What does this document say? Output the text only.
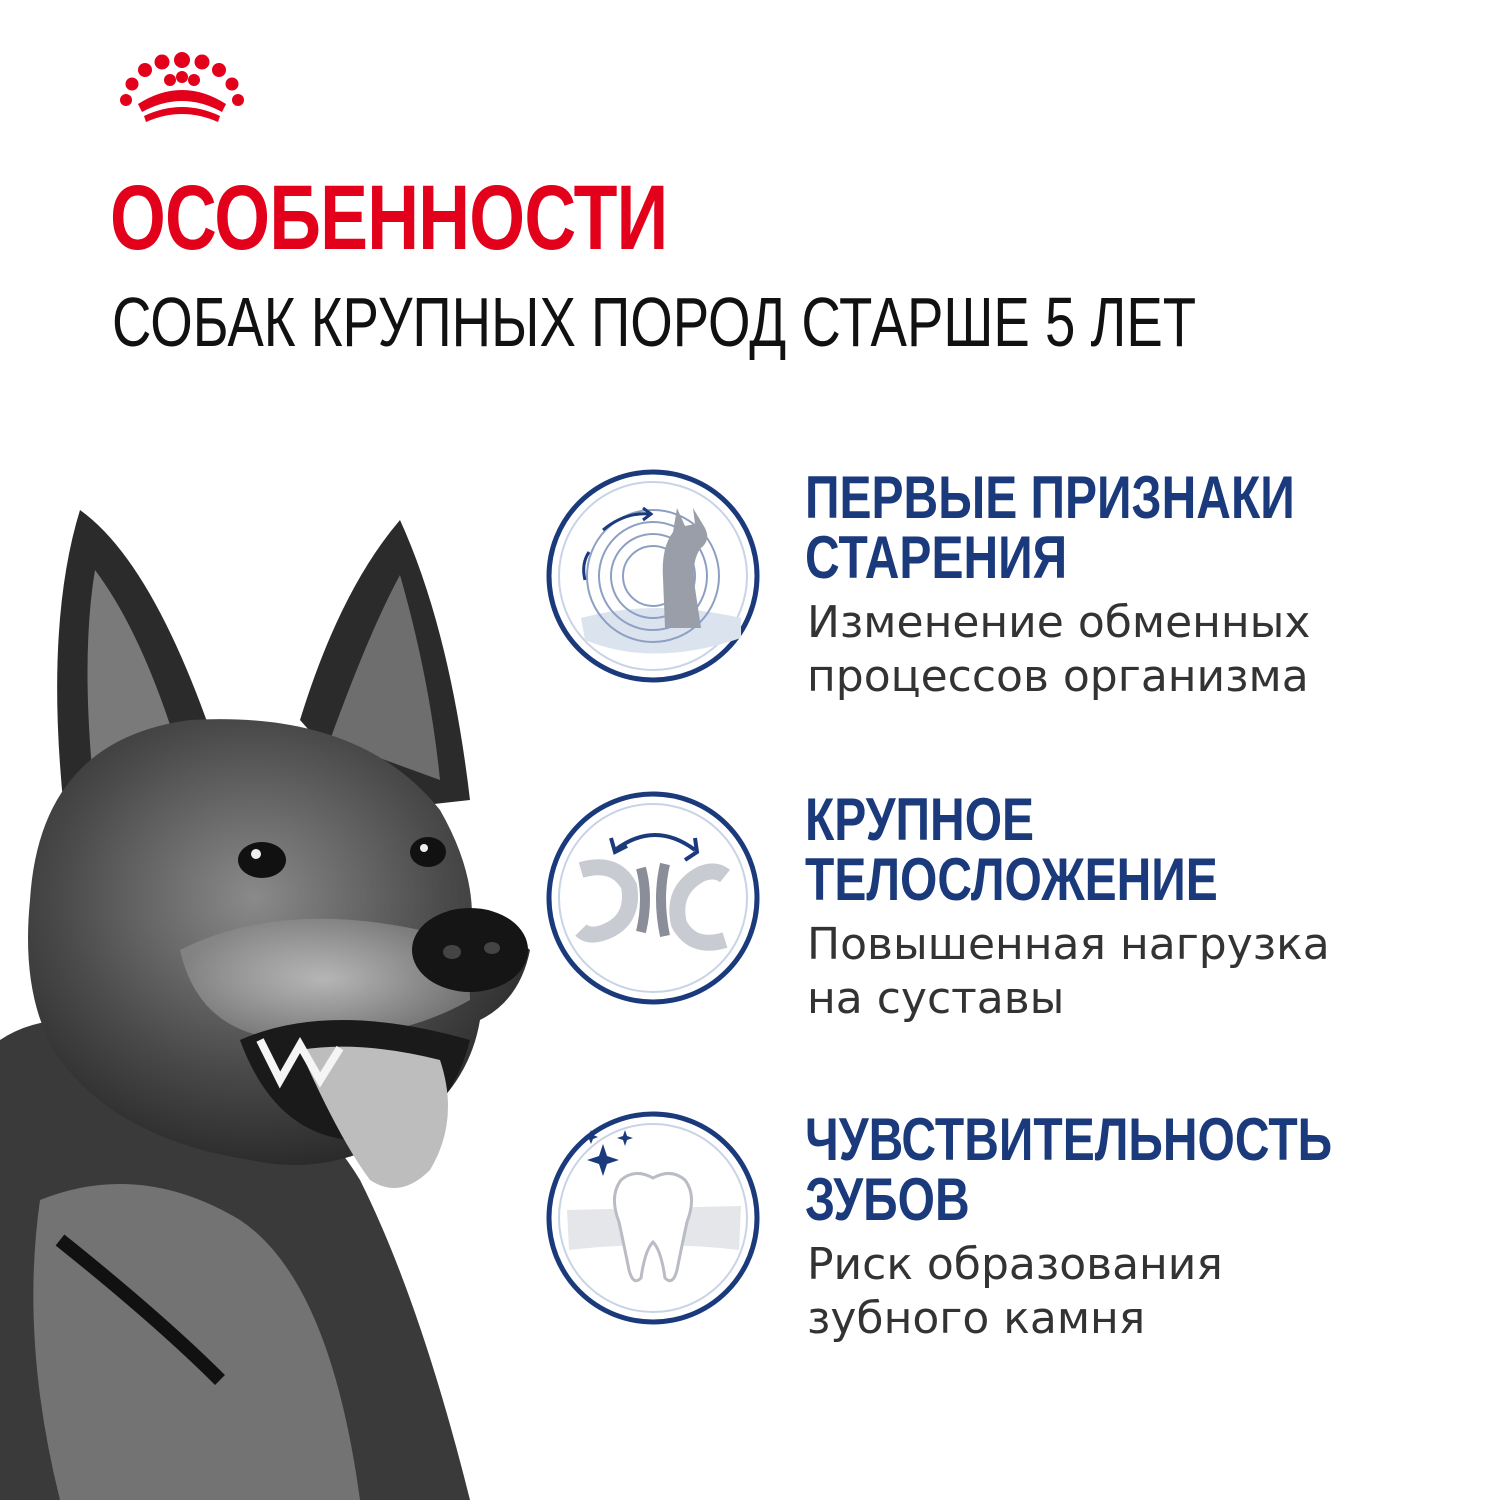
ОСОБЕННОСТИ
СОБАК КРУПНЫХ ПОРОД СТАРШЕ 5 ЛЕТ
ПЕРВЫЕ ПРИЗНАКИ
СТАРЕНИЯ
Изменение обменных
процессов организма
КРУПНОЕ
ТЕЛОСЛОЖЕНИЕ
Повышенная нагрузка
на суставы
ЧУВСТВИТЕЛЬНОСТЬ
ЗУБОВ
Риск образования
зубного камня
